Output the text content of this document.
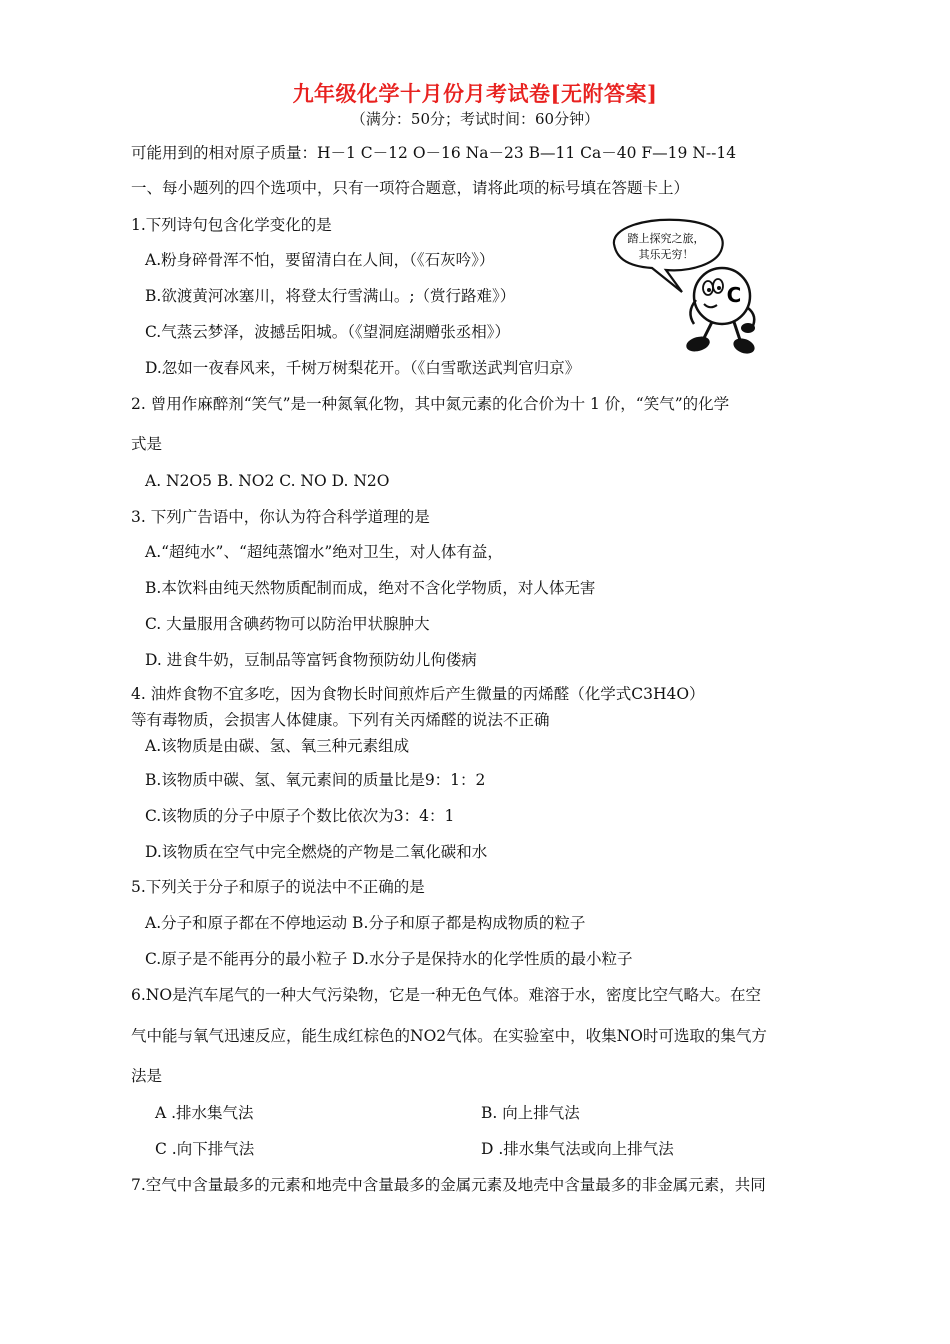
九年级化学十月份月考试卷[无附答案]
（满分：50分；考试时间：60分钟）
可能用到的相对原子质量：H－1 C－12 O－16 Na－23 B—11 Ca－40 F—19 N--14
一、每小题列的四个选项中，只有一项符合题意，请将此项的标号填在答题卡上）
1.下列诗句包含化学变化的是
A.粉身碎骨浑不怕，要留清白在人间，（《石灰吟》）
B.欲渡黄河冰塞川，将登太行雪满山。;（赏行路难》）
C.气蒸云梦泽，波撼岳阳城。（《望洞庭湖赠张丞相》）
D.忽如一夜春风来，千树万树梨花开。（《白雪歌送武判官归京》
踏上探究之旅，
其乐无穷！
C
2. 曾用作麻醉剂“笑气”是一种氮氧化物，其中氮元素的化合价为十 1 价，“笑气”的化学
式是
A. N2O5 B. NO2 C. NO D. N2O
3. 下列广告语中，你认为符合科学道理的是
A.“超纯水”、“超纯蒸馏水”绝对卫生，对人体有益，
B.本饮料由纯天然物质配制而成，绝对不含化学物质，对人体无害
C. 大量服用含碘药物可以防治甲状腺肿大
D. 进食牛奶，豆制品等富钙食物预防幼儿佝偻病
4. 油炸食物不宜多吃，因为食物长时间煎炸后产生微量的丙烯醛（化学式C3H4O）
等有毒物质，会损害人体健康。下列有关丙烯醛的说法不正确
A.该物质是由碳、氢、氧三种元素组成
B.该物质中碳、氢、氧元素间的质量比是9：1：2
C.该物质的分子中原子个数比依次为3：4：1
D.该物质在空气中完全燃烧的产物是二氧化碳和水
5.下列关于分子和原子的说法中不正确的是
A.分子和原子都在不停地运动 B.分子和原子都是构成物质的粒子
C.原子是不能再分的最小粒子 D.水分子是保持水的化学性质的最小粒子
6.NO是汽车尾气的一种大气污染物，它是一种无色气体。难溶于水，密度比空气略大。在空
气中能与氧气迅速反应，能生成红棕色的NO2气体。在实验室中，收集NO时可选取的集气方
法是
A .排水集气法	B. 向上排气法
C .向下排气法	D .排水集气法或向上排气法
7.空气中含量最多的元素和地壳中含量最多的金属元素及地壳中含量最多的非金属元素，共同
